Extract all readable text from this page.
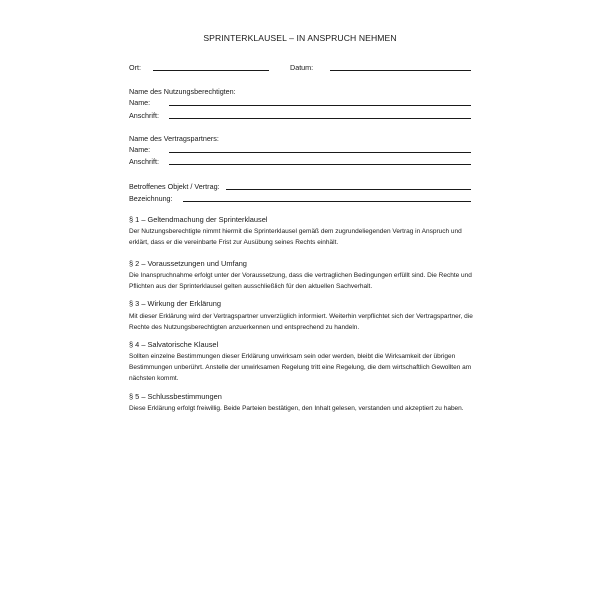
SPRINTERKLAUSEL – IN ANSPRUCH NEHMEN
Ort:	Datum:
Name des Nutzungsberechtigten:
Name:
Anschrift:
Name des Vertragspartners:
Name:
Anschrift:
Betroffenes Objekt / Vertrag:
Bezeichnung:
§ 1 – Geltendmachung der Sprinterklausel

Der Nutzungsberechtigte nimmt hiermit die Sprinterklausel gemäß dem zugrundeliegenden Vertrag in Anspruch und erklärt, dass er die vereinbarte Frist zur Ausübung seines Rechts einhält.

§ 2 – Voraussetzungen und Umfang

Die Inanspruchnahme erfolgt unter der Voraussetzung, dass die vertraglichen Bedingungen erfüllt sind. Die Rechte und Pflichten aus der Sprinterklausel gelten ausschließlich für den aktuellen Sachverhalt.

§ 3 – Wirkung der Erklärung

Mit dieser Erklärung wird der Vertragspartner unverzüglich informiert. Weiterhin verpflichtet sich der Vertragspartner, die Rechte des Nutzungsberechtigten anzuerkennen und entsprechend zu handeln.

§ 4 – Salvatorische Klausel

Sollten einzelne Bestimmungen dieser Erklärung unwirksam sein oder werden, bleibt die Wirksamkeit der übrigen Bestimmungen unberührt. Anstelle der unwirksamen Regelung tritt eine Regelung, die dem wirtschaftlich Gewollten am nächsten kommt.

§ 5 – Schlussbestimmungen

Diese Erklärung erfolgt freiwillig. Beide Parteien bestätigen, den Inhalt gelesen, verstanden und akzeptiert zu haben.
